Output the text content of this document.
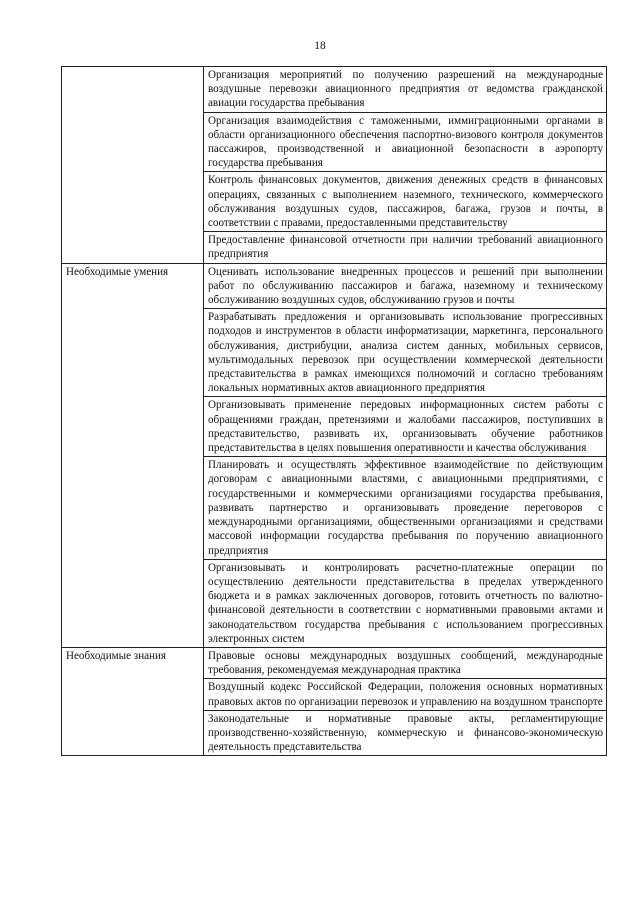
18
	Организация мероприятий по получению разрешений на международные воздушные перевозки авиационного предприятия от ведомства гражданской авиации государства пребывания
	Организация взаимодействия с таможенными, иммиграционными органами в области организационного обеспечения паспортно-визового контроля документов пассажиров, производственной и авиационной безопасности в аэропорту государства пребывания
	Контроль финансовых документов, движения денежных средств в финансовых операциях, связанных с выполнением наземного, технического, коммерческого обслуживания воздушных судов, пассажиров, багажа, грузов и почты, в соответствии с правами, предоставленными представительству
	Предоставление финансовой отчетности при наличии требований авиационного предприятия
Необходимые умения	Оценивать использование внедренных процессов и решений при выполнении работ по обслуживанию пассажиров и багажа, наземному и техническому обслуживанию воздушных судов, обслуживанию грузов и почты
	Разрабатывать предложения и организовывать использование прогрессивных подходов и инструментов в области информатизации, маркетинга, персонального обслуживания, дистрибуции, анализа систем данных, мобильных сервисов, мультимодальных перевозок при осуществлении коммерческой деятельности представительства в рамках имеющихся полномочий и согласно требованиям локальных нормативных актов авиационного предприятия
	Организовывать применение передовых информационных систем работы с обращениями граждан, претензиями и жалобами пассажиров, поступивших в представительство, развивать их, организовывать обучение работников представительства в целях повышения оперативности и качества обслуживания
	Планировать и осуществлять эффективное взаимодействие по действующим договорам с авиационными властями, с авиационными предприятиями, с государственными и коммерческими организациями государства пребывания, развивать партнерство и организовывать проведение переговоров с международными организациями, общественными организациями и средствами массовой информации государства пребывания по поручению авиационного предприятия
	Организовывать и контролировать расчетно-платежные операции по осуществлению деятельности представительства в пределах утвержденного бюджета и в рамках заключенных договоров, готовить отчетность по валютно-финансовой деятельности в соответствии с нормативными правовыми актами и законодательством государства пребывания с использованием прогрессивных электронных систем
Необходимые знания	Правовые основы международных воздушных сообщений, международные требования, рекомендуемая международная практика
	Воздушный кодекс Российской Федерации, положения основных нормативных правовых актов по организации перевозок и управлению на воздушном транспорте
	Законодательные и нормативные правовые акты, регламентирующие производственно-хозяйственную, коммерческую и финансово-экономическую деятельность представительства
